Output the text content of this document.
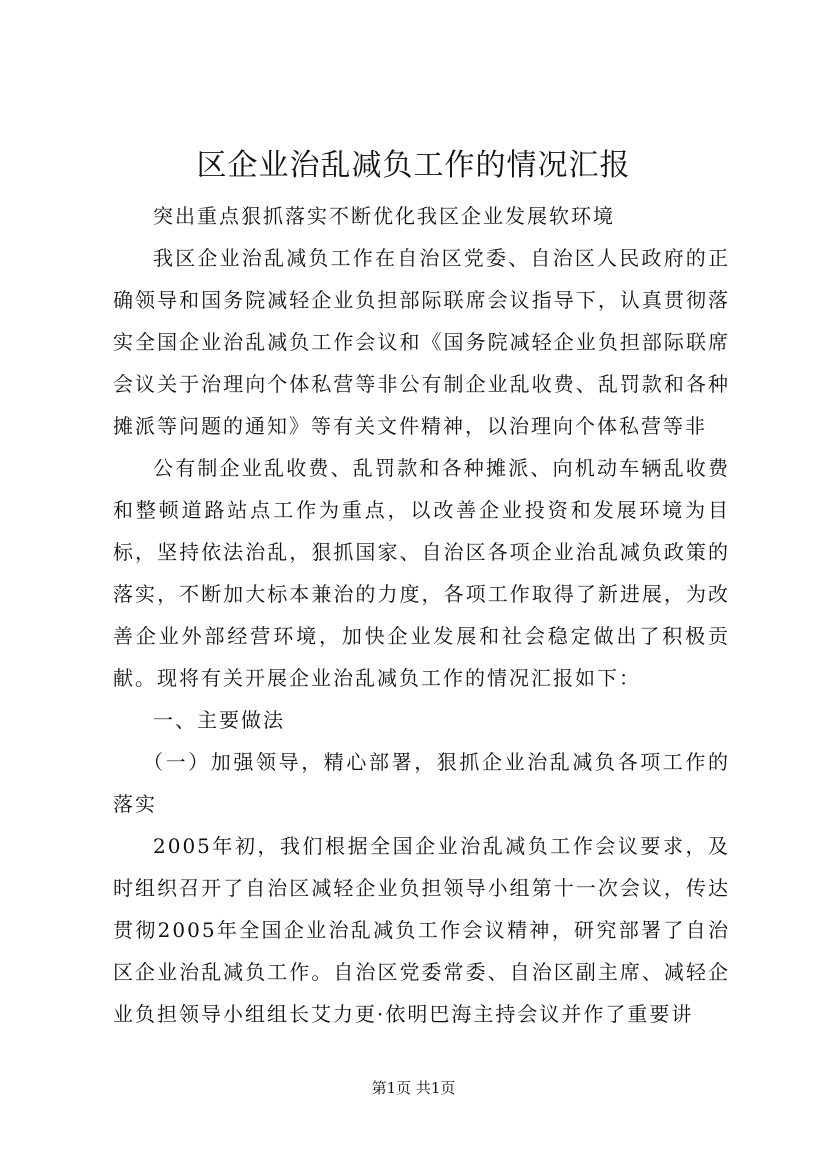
区企业治乱减负工作的情况汇报

突出重点狠抓落实不断优化我区企业发展软环境

我区企业治乱减负工作在自治区党委、自治区人民政府的正确领导和国务院减轻企业负担部际联席会议指导下，认真贯彻落实全国企业治乱减负工作会议和《国务院减轻企业负担部际联席会议关于治理向个体私营等非公有制企业乱收费、乱罚款和各种摊派等问题的通知》等有关文件精神，以治理向个体私营等非

公有制企业乱收费、乱罚款和各种摊派、向机动车辆乱收费和整顿道路站点工作为重点，以改善企业投资和发展环境为目标，坚持依法治乱，狠抓国家、自治区各项企业治乱减负政策的落实，不断加大标本兼治的力度，各项工作取得了新进展，为改善企业外部经营环境，加快企业发展和社会稳定做出了积极贡献。现将有关开展企业治乱减负工作的情况汇报如下：

一、主要做法

（一）加强领导，精心部署，狠抓企业治乱减负各项工作的落实

2005年初，我们根据全国企业治乱减负工作会议要求，及时组织召开了自治区减轻企业负担领导小组第十一次会议，传达贯彻2005年全国企业治乱减负工作会议精神，研究部署了自治区企业治乱减负工作。自治区党委常委、自治区副主席、减轻企业负担领导小组组长艾力更·依明巴海主持会议并作了重要讲

第1页 共1页
